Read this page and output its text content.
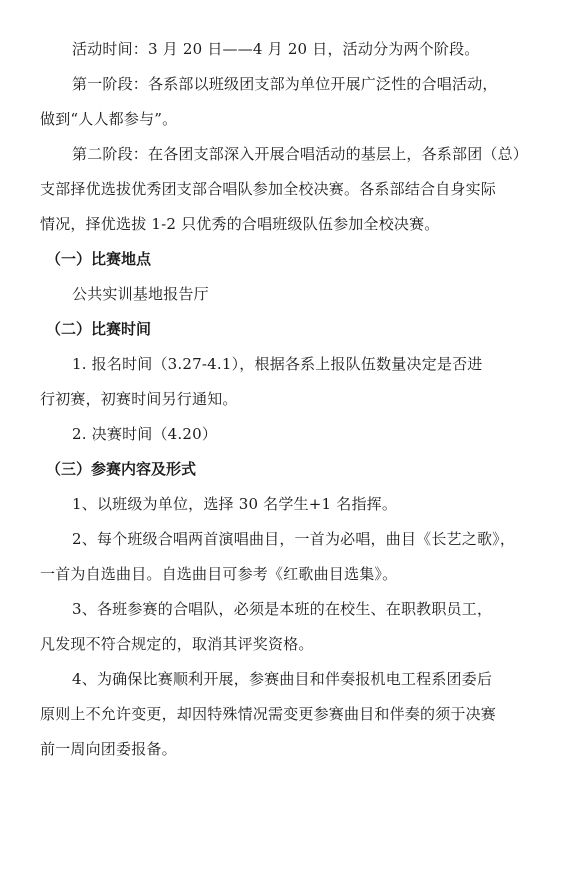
活动时间：3 月 20 日——4 月 20 日，活动分为两个阶段。

第一阶段：各系部以班级团支部为单位开展广泛性的合唱活动，

做到“人人都参与”。

第二阶段：在各团支部深入开展合唱活动的基层上，各系部团（总）

支部择优选拔优秀团支部合唱队参加全校决赛。各系部结合自身实际

情况，择优选拔 1-2 只优秀的合唱班级队伍参加全校决赛。

（一）比赛地点

公共实训基地报告厅

（二）比赛时间

1. 报名时间（3.27-4.1），根据各系上报队伍数量决定是否进

行初赛，初赛时间另行通知。

2. 决赛时间（4.20）

（三）参赛内容及形式

1、以班级为单位，选择 30 名学生+1 名指挥。

2、每个班级合唱两首演唱曲目，一首为必唱，曲目《长艺之歌》，

一首为自选曲目。自选曲目可参考《红歌曲目选集》。

3、各班参赛的合唱队，必须是本班的在校生、在职教职员工，

凡发现不符合规定的，取消其评奖资格。

4、为确保比赛顺利开展，参赛曲目和伴奏报机电工程系团委后

原则上不允许变更，却因特殊情况需变更参赛曲目和伴奏的须于决赛

前一周向团委报备。
